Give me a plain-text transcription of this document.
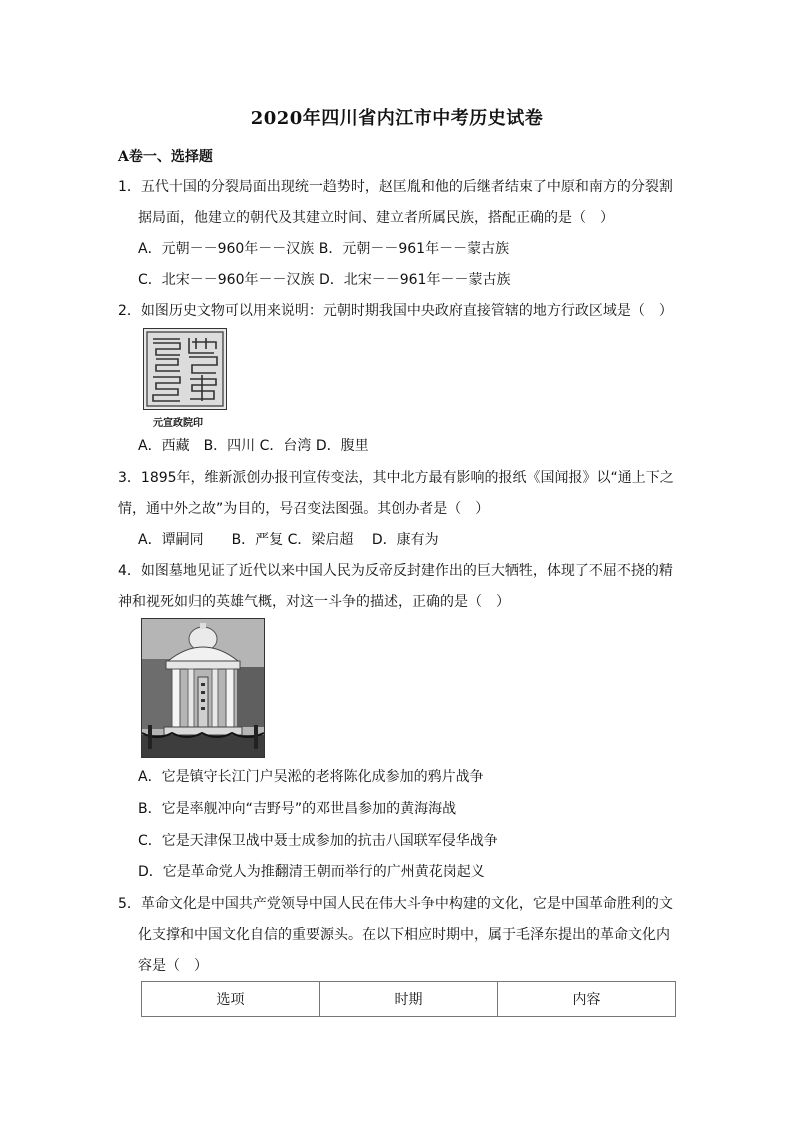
2020年四川省内江市中考历史试卷
A卷一、选择题
1．五代十国的分裂局面出现统一趋势时，赵匡胤和他的后继者结束了中原和南方的分裂割
据局面，他建立的朝代及其建立时间、建立者所属民族，搭配正确的是（　）
A．元朝－－960年－－汉族 B．元朝－－961年－－蒙古族
C．北宋－－960年－－汉族 D．北宋－－961年－－蒙古族
2．如图历史文物可以用来说明：元朝时期我国中央政府直接管辖的地方行政区域是（　）
元宣政院印
A．西藏　B．四川 C．台湾 D．腹里
3．1895年，维新派创办报刊宣传变法，其中北方最有影响的报纸《国闻报》以“通上下之
情，通中外之故”为目的，号召变法图强。其创办者是（　）
A．谭嗣同　　B．严复 C．梁启超　 D．康有为
4．如图墓地见证了近代以来中国人民为反帝反封建作出的巨大牺牲，体现了不屈不挠的精
神和视死如归的英雄气概，对这一斗争的描述，正确的是（　）
A．它是镇守长江门户吴淞的老将陈化成参加的鸦片战争
B．它是率舰冲向“吉野号”的邓世昌参加的黄海海战
C．它是天津保卫战中聂士成参加的抗击八国联军侵华战争
D．它是革命党人为推翻清王朝而举行的广州黄花岗起义
5．革命文化是中国共产党领导中国人民在伟大斗争中构建的文化，它是中国革命胜利的文
化支撑和中国文化自信的重要源头。在以下相应时期中，属于毛泽东提出的革命文化内
容是（　）
选项	时期	内容
